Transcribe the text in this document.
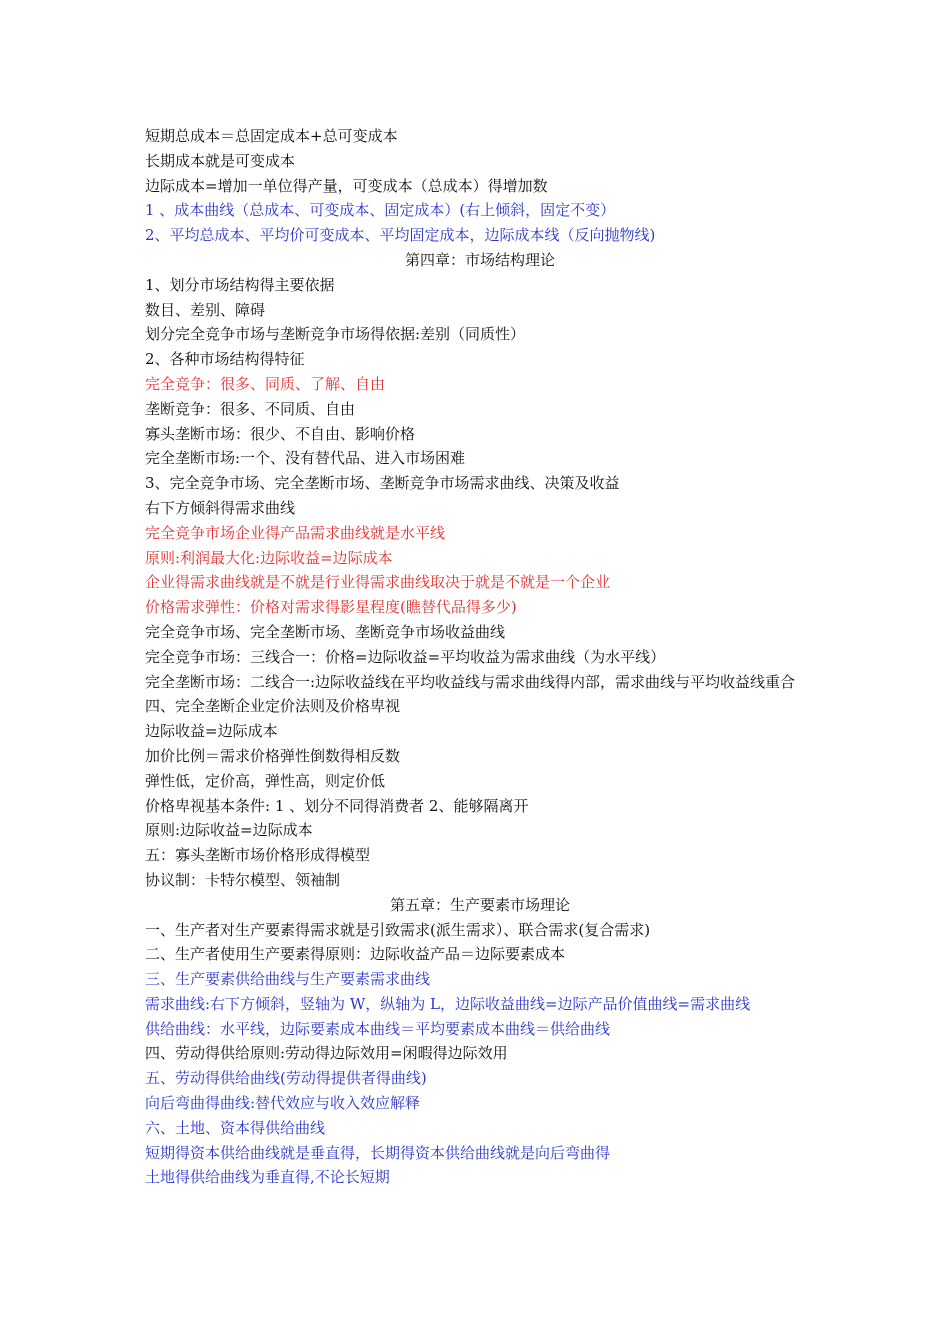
短期总成本＝总固定成本+总可变成本
长期成本就是可变成本
边际成本=增加一单位得产量，可变成本（总成本）得增加数
1 、成本曲线（总成本、可变成本、固定成本）(右上倾斜，固定不变）
2、平均总成本、平均价可变成本、平均固定成本，边际成本线（反向抛物线)
第四章：市场结构理论
1、划分市场结构得主要依据
数目、差别、障碍
划分完全竞争市场与垄断竞争市场得依据:差别（同质性）
2、各种市场结构得特征
完全竞争：很多、同质、了解、自由
垄断竞争：很多、不同质、自由
寡头垄断市场：很少、不自由、影响价格
完全垄断市场:一个、没有替代品、进入市场困难
3、完全竞争市场、完全垄断市场、垄断竞争市场需求曲线、决策及收益
右下方倾斜得需求曲线
完全竞争市场企业得产品需求曲线就是水平线
原则:利润最大化:边际收益=边际成本
企业得需求曲线就是不就是行业得需求曲线取决于就是不就是一个企业
价格需求弹性：价格对需求得影星程度(瞧替代品得多少)
完全竞争市场、完全垄断市场、垄断竞争市场收益曲线
完全竞争市场：三线合一：价格=边际收益=平均收益为需求曲线（为水平线）
完全垄断市场：二线合一:边际收益线在平均收益线与需求曲线得内部，需求曲线与平均收益线重合
四、完全垄断企业定价法则及价格卑视
边际收益=边际成本
加价比例＝需求价格弹性倒数得相反数
弹性低，定价高，弹性高，则定价低
价格卑视基本条件: 1 、划分不同得消费者 2、能够隔离开
原则:边际收益=边际成本
五：寡头垄断市场价格形成得模型
协议制：卡特尔模型、领袖制
第五章：生产要素市场理论
一、生产者对生产要素得需求就是引致需求(派生需求）、联合需求(复合需求)
二、生产者使用生产要素得原则：边际收益产品＝边际要素成本
三、生产要素供给曲线与生产要素需求曲线
需求曲线:右下方倾斜，竖轴为 W，纵轴为 L，边际收益曲线=边际产品价值曲线=需求曲线
供给曲线：水平线，边际要素成本曲线＝平均要素成本曲线＝供给曲线
四、劳动得供给原则:劳动得边际效用=闲暇得边际效用
五、劳动得供给曲线(劳动得提供者得曲线)
向后弯曲得曲线:替代效应与收入效应解释
六、土地、资本得供给曲线
短期得资本供给曲线就是垂直得，长期得资本供给曲线就是向后弯曲得
土地得供给曲线为垂直得,不论长短期
